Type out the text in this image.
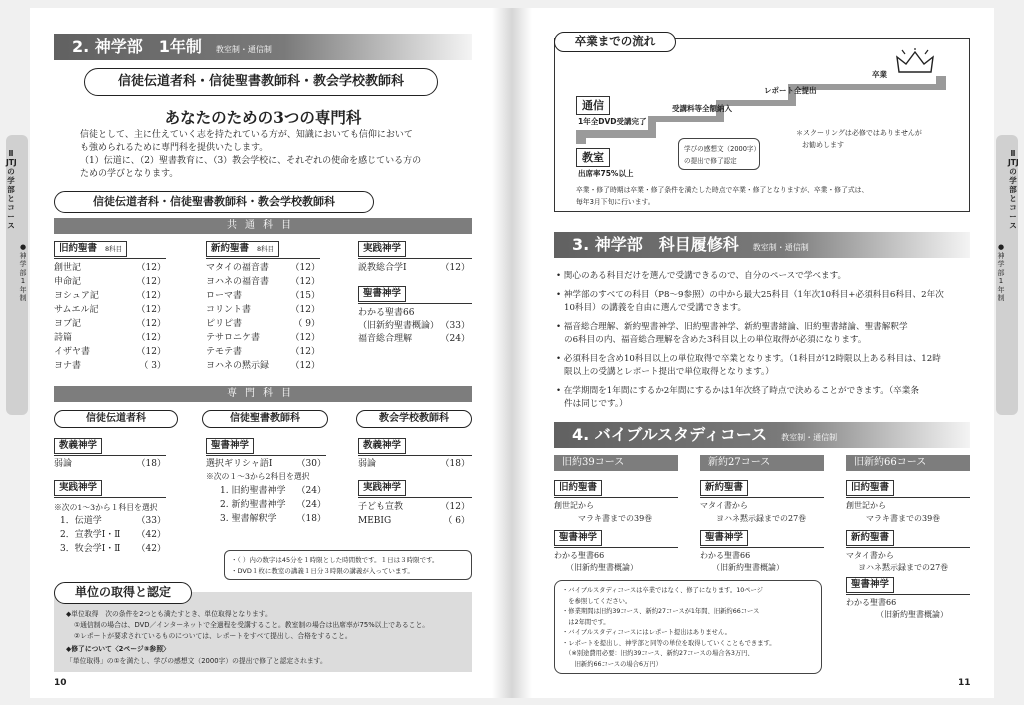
Ⅱ JTJの学部とコース
●神学部1年制
Ⅱ JTJの学部とコース
●神学部1年制
2. 神学部　1年制 教室制・通信制
信徒伝道者科・信徒聖書教師科・教会学校教師科
あなたのための3つの専門科
信徒として、主に仕えていく志を持たれている方が、知識においても信仰において
も強められるために専門科を提供いたします。
（1）伝道に、（2）聖書教育に、（3）教会学校に、それぞれの使命を感じている方の
ための学びとなります。
信徒伝道者科・信徒聖書教師科・教会学校教師科
共通科目
旧約聖書 8科目
創世記	（12）
申命記	（12）
ヨシュア記	（12）
サムエル記	（12）
ヨブ記	（12）
詩篇	（12）
イザヤ書	（12）
ヨナ書	（ 3）
新約聖書 8科目
マタイの福音書 （12）
ヨハネの福音書 （12）
ローマ書	（15）
コリント書	（12）
ピリピ書	（ 9）
テサロニケ書	（12）
テモテ書	（12）
ヨハネの黙示録 （12）
実践神学
説教総合学Ⅰ	（12）
聖書神学
わかる聖書66
（旧新約聖書概論） （33）
福音総合理解	（24）
専門科目
信徒伝道者科	信徒聖書教師科	教会学校教師科
教義神学
弱論	（18）
実践神学
※次の1〜3から１科目を選択
1．伝道学	（33）
2．宣教学Ⅰ・Ⅱ （42）
3．牧会学Ⅰ・Ⅱ （42）
聖書神学
選択ギリシャ語Ⅰ	（30）
※次の１〜3から2科目を選択
1. 旧約聖書神学 （24）
2. 新約聖書神学 （24）
3. 聖書解釈学 （18）
教義神学
弱論	（18）
実践神学
子ども宣教	（12）
MEBIG	（ 6）
・（ ）内の数字は45分を１時限とした時間数です。１日は３時限です。
・DVD１枚に教室の講義１日分３時限の講義が入っています。
単位の取得と認定
◆単位取得　次の条件を2つとも満たすとき、単位取得となります。
①通信制の場合は、DVD／インターネットで全過程を受講すること。教室制の場合は出席率が75%以上であること。
②レポートが要求されているものについては、レポートをすべて提出し、合格をすること。
◆修了について〈2ページ⑤参照〉
「単位取得」の①を満たし、学びの感想文（2000字）の提出で修了と認定されます。
10
卒業までの流れ
通信
1年全DVD受講完了
教室
出席率75%以上
受講料等全額納入
レポート全提出
卒業
学びの感想文（2000字）
の提出で修了認定
＊スクーリングは必修ではありませんが
お勧めします
卒業・修了時期は卒業・修了条件を満たした時点で卒業・修了となりますが、卒業・修了式は、
毎年3月下旬に行います。
3. 神学部　科目履修科 教室制・通信制
• 関心のある科目だけを選んで受講できるので、自分のペースで学べます。
• 神学部のすべての科目（P8〜9参照）の中から最大25科目（1年次10科目+必須科目6科目、2年次
10科目）の講義を自由に選んで受講できます。
• 福音総合理解、新約聖書神学、旧約聖書神学、新約聖書緒論、旧約聖書緒論、聖書解釈学
の6科目の内、福音総合理解を含めた3科目以上の単位取得が必須になります。
• 必須科目を含め10科目以上の単位取得で卒業となります。（1科目が12時限以上ある科目は、12時
限以上の受講とレポート提出で単位取得となります。）
• 在学期間を1年間にするか2年間にするかは1年次終了時点で決めることができます。（卒業条
件は同じです。）
4. バイブルスタディコース 教室制・通信制
旧約39コース
旧約聖書
創世記から
マラキ書までの39巻
聖書神学
わかる聖書66
（旧新約聖書概論）
新約27コース
新約聖書
マタイ書から
ヨハネ黙示録までの27巻
聖書神学
わかる聖書66
（旧新約聖書概論）
旧新約66コース
旧約聖書
創世記から
マラキ書までの39巻
新約聖書
マタイ書から
ヨハネ黙示録までの27巻
聖書神学
わかる聖書66
（旧新約聖書概論）
・バイブルスタディコースは卒業ではなく、修了になります。10ページ
　を参照してください。
・修業期間は旧約39コース、新約27コースが1年間、旧新約66コース
　は2年間です。
・バイブルスタディコースにはレポート提出はありません。
・レポートを提出し、神学部と同等の単位を取得していくこともできます。
　（※別途費用必要：旧約39コース、新約27コースの場合各3万円、
　　旧新約66コースの場合6万円）
11
